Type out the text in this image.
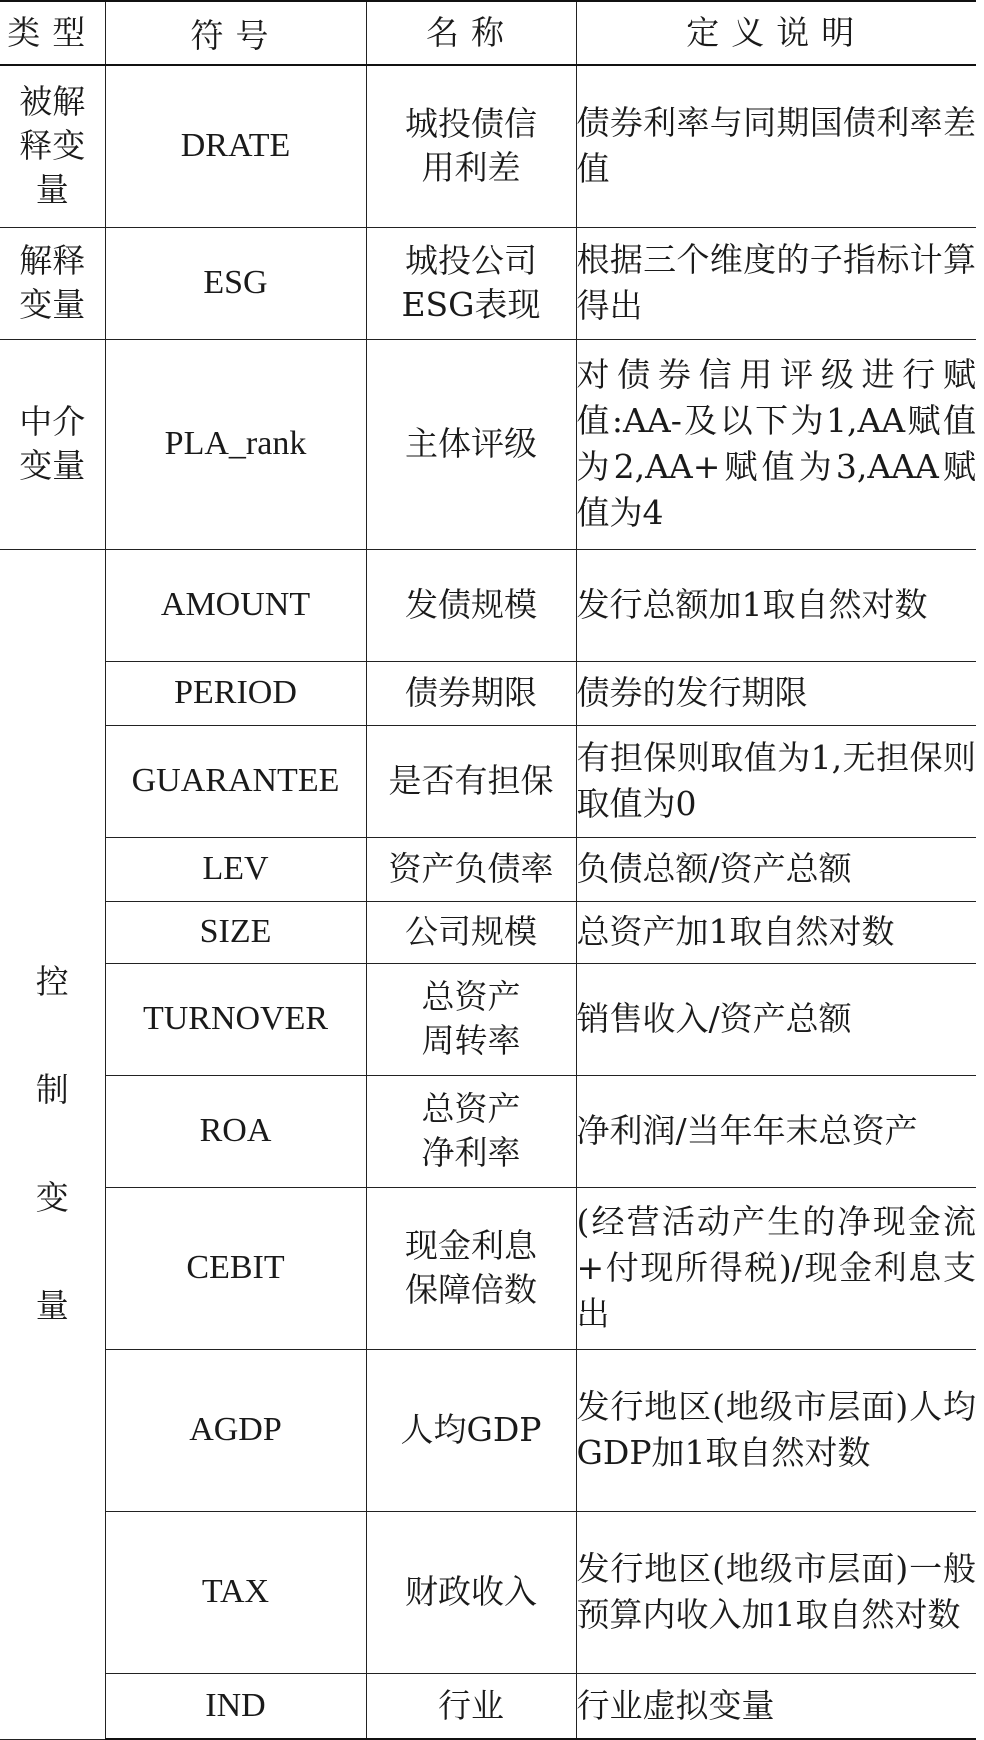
类型	符号	名称	定义说明

被解释变量	DRATE	城投债信用利差	债券利率与同期国债利率差值

解释变量	ESG	城投公司ESG表现	根据三个维度的子指标计算得出

中介变量	PLA_rank	主体评级	对债券信用评级进行赋值:AA-及以下为1,AA赋值为2,AA+赋值为3,AAA赋值为4

控制变量	AMOUNT	发债规模	发行总额加1取自然对数
	PERIOD	债券期限	债券的发行期限
	GUARANTEE	是否有担保	有担保则取值为1,无担保则取值为0
	LEV	资产负债率	负债总额/资产总额
	SIZE	公司规模	总资产加1取自然对数
	TURNOVER	总资产周转率	销售收入/资产总额
	ROA	总资产净利率	净利润/当年年末总资产
	CEBIT	现金利息保障倍数	(经营活动产生的净现金流+付现所得税)/现金利息支出
	AGDP	人均GDP	发行地区(地级市层面)人均GDP加1取自然对数
	TAX	财政收入	发行地区(地级市层面)一般预算内收入加1取自然对数
	IND	行业	行业虚拟变量
